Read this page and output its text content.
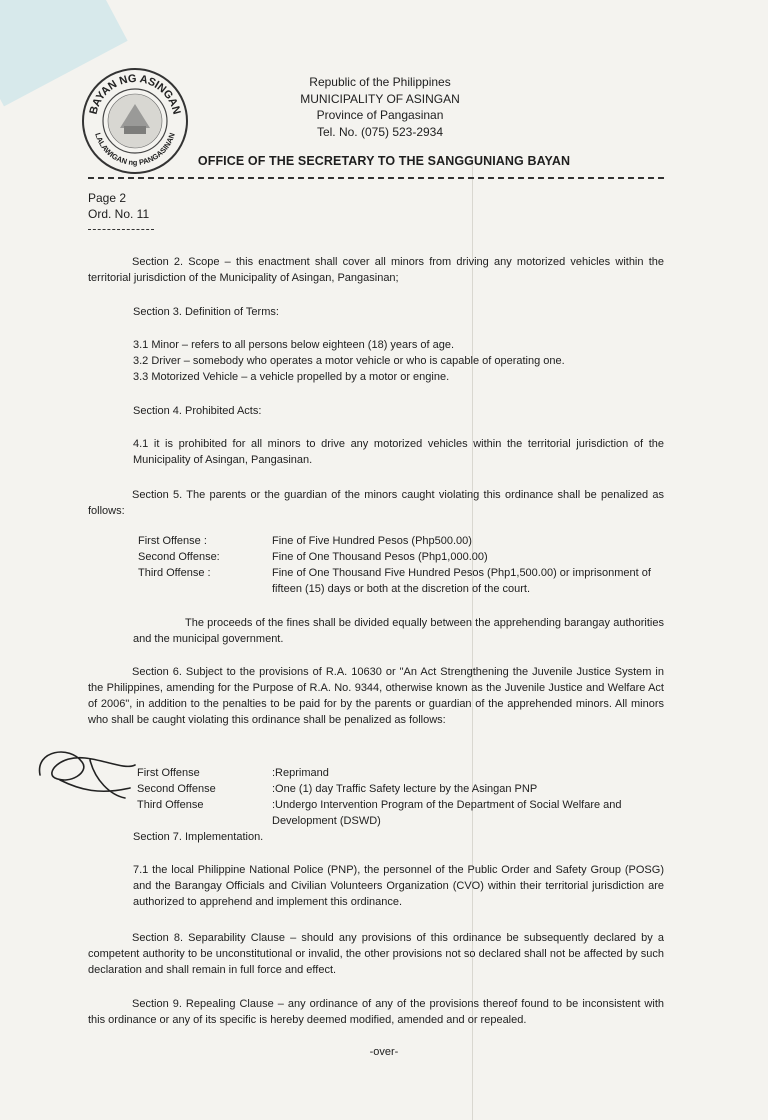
BAYAN NG ASINGAN
LALAWIGAN ng PANGASINAN
Republic of the Philippines
MUNICIPALITY OF ASINGAN
Province of Pangasinan
Tel. No. (075) 523-2934
OFFICE OF THE SECRETARY TO THE SANGGUNIANG BAYAN
Page 2
Ord. No. 11

Section 2. Scope – this enactment shall cover all minors from driving any motorized vehicles within the territorial jurisdiction of the Municipality of Asingan, Pangasinan;

Section 3. Definition of Terms:

3.1 Minor – refers to all persons below eighteen (18) years of age.

3.2 Driver – somebody who operates a motor vehicle or who is capable of operating one.

3.3 Motorized Vehicle – a vehicle propelled by a motor or engine.

Section 4. Prohibited Acts:

4.1 it is prohibited for all minors to drive any motorized vehicles within the territorial jurisdiction of the Municipality of Asingan, Pangasinan.

Section 5. The parents or the guardian of the minors caught violating this ordinance shall be penalized as follows:

First Offense :	Fine of Five Hundred Pesos (Php500.00)
Second Offense:	Fine of One Thousand Pesos (Php1,000.00)
Third Offense :	Fine of One Thousand Five Hundred Pesos (Php1,500.00) or imprisonment of fifteen (15) days or both at the discretion of the court.

The proceeds of the fines shall be divided equally between the apprehending barangay authorities and the municipal government.

Section 6. Subject to the provisions of R.A. 10630 or "An Act Strengthening the Juvenile Justice System in the Philippines, amending for the Purpose of R.A. No. 9344, otherwise known as the Juvenile Justice and Welfare Act of 2006", in addition to the penalties to be paid for by the parents or guardian of the apprehended minors. All minors who shall be caught violating this ordinance shall be penalized as follows:

First Offense	:Reprimand
Second Offense	:One (1) day Traffic Safety lecture by the Asingan PNP
Third Offense	:Undergo Intervention Program of the Department of Social Welfare and Development (DSWD)

Section 7. Implementation.

7.1 the local Philippine National Police (PNP), the personnel of the Public Order and Safety Group (POSG) and the Barangay Officials and Civilian Volunteers Organization (CVO) within their territorial jurisdiction are authorized to apprehend and implement this ordinance.

Section 8. Separability Clause – should any provisions of this ordinance be subsequently declared by a competent authority to be unconstitutional or invalid, the other provisions not so declared shall not be affected by such declaration and shall remain in full force and effect.

Section 9. Repealing Clause – any ordinance of any of the provisions thereof found to be inconsistent with this ordinance or any of its specific is hereby deemed modified, amended and or repealed.

-over-
